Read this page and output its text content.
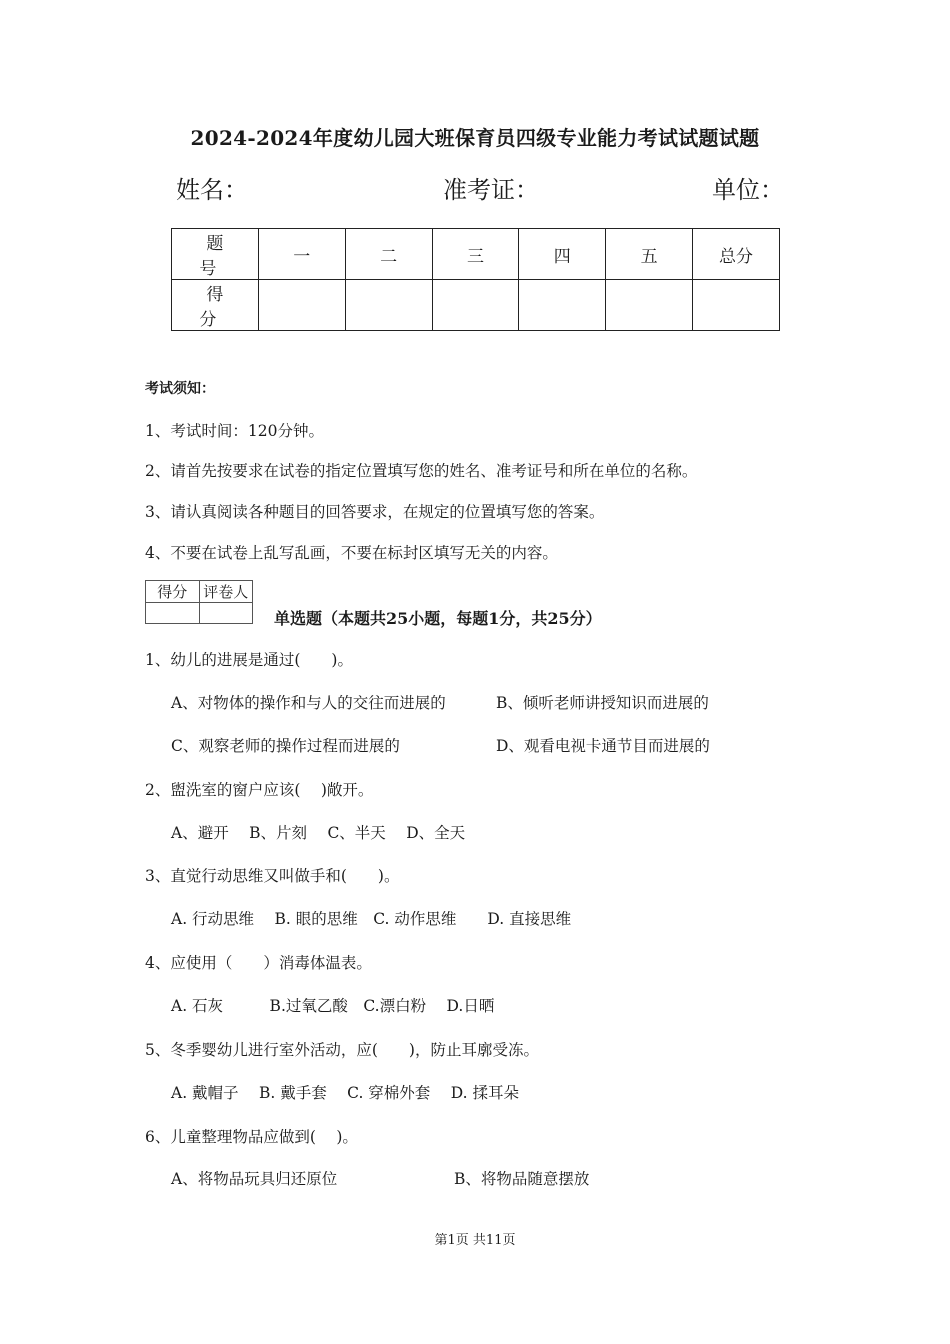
2024-2024年度幼儿园大班保育员四级专业能力考试试题试题
姓名：	准考证：	单位：
题　号	一	二	三	四	五	总分
得　分						
考试须知：
1、考试时间：120分钟。
2、请首先按要求在试卷的指定位置填写您的姓名、准考证号和所在单位的名称。
3、请认真阅读各种题目的回答要求，在规定的位置填写您的答案。
4、不要在试卷上乱写乱画，不要在标封区填写无关的内容。
得分	评卷人

单选题（本题共25小题，每题1分，共25分）
1、幼儿的进展是通过(　　)。
A、对物体的操作和与人的交往而进展的	B、倾听老师讲授知识而进展的
C、观察老师的操作过程而进展的	D、观看电视卡通节目而进展的
2、盥洗室的窗户应该(　 )敞开。
A、避开　 B、片刻　 C、半天　 D、全天
3、直觉行动思维又叫做手和(　　)。
A. 行动思维　 B. 眼的思维　C. 动作思维　　D. 直接思维
4、应使用（　　）消毒体温表。
A. 石灰　　　B.过氧乙酸　C.漂白粉　 D.日晒
5、冬季婴幼儿进行室外活动，应(　　)，防止耳廓受冻。
A. 戴帽子　 B. 戴手套　 C. 穿棉外套　 D. 揉耳朵
6、儿童整理物品应做到(　 )。
A、将物品玩具归还原位	B、将物品随意摆放
第1页 共11页
